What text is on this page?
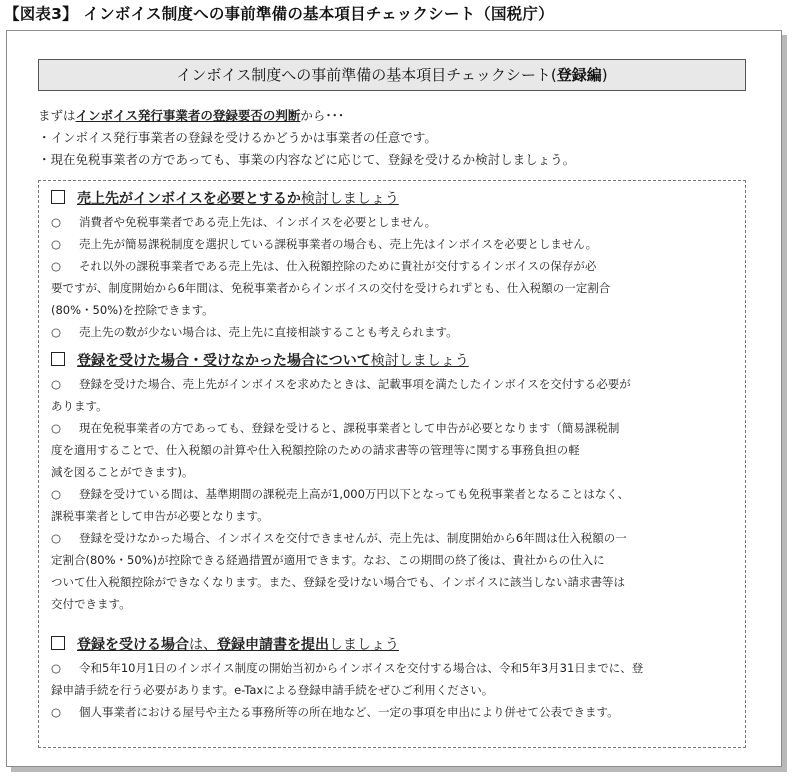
【図表3】 インボイス制度への事前準備の基本項目チェックシート（国税庁）
インボイス制度への事前準備の基本項目チェックシート(登録編)
まずはインボイス発行事業者の登録要否の判断から･･･
・インボイス発行事業者の登録を受けるかどうかは事業者の任意です。
・現在免税事業者の方であっても、事業の内容などに応じて、登録を受けるか検討しましょう。
売上先がインボイスを必要とするか検討しましょう
○ 消費者や免税事業者である売上先は、インボイスを必要としません。
○ 売上先が簡易課税制度を選択している課税事業者の場合も、売上先はインボイスを必要としません。
○ それ以外の課税事業者である売上先は、仕入税額控除のために貴社が交付するインボイスの保存が必
要ですが、制度開始から6年間は、免税事業者からインボイスの交付を受けられずとも、仕入税額の一定割合
(80%・50%)を控除できます。
○ 売上先の数が少ない場合は、売上先に直接相談することも考えられます。
登録を受けた場合・受けなかった場合について検討しましょう
○ 登録を受けた場合、売上先がインボイスを求めたときは、記載事項を満たしたインボイスを交付する必要が
あります。
○ 現在免税事業者の方であっても、登録を受けると、課税事業者として申告が必要となります（簡易課税制
度を適用することで、仕入税額の計算や仕入税額控除のための請求書等の管理等に関する事務負担の軽
減を図ることができます)。
○ 登録を受けている間は、基準期間の課税売上高が1,000万円以下となっても免税事業者となることはなく、
課税事業者として申告が必要となります。
○ 登録を受けなかった場合、インボイスを交付できませんが、売上先は、制度開始から6年間は仕入税額の一
定割合(80%・50%)が控除できる経過措置が適用できます。なお、この期間の終了後は、貴社からの仕入に
ついて仕入税額控除ができなくなります。また、登録を受けない場合でも、インボイスに該当しない請求書等は
交付できます。
登録を受ける場合は、登録申請書を提出しましょう
○ 令和5年10月1日のインボイス制度の開始当初からインボイスを交付する場合は、令和5年3月31日までに、登
録申請手続を行う必要があります。e-Taxによる登録申請手続をぜひご利用ください。
○ 個人事業者における屋号や主たる事務所等の所在地など、一定の事項を申出により併せて公表できます。
